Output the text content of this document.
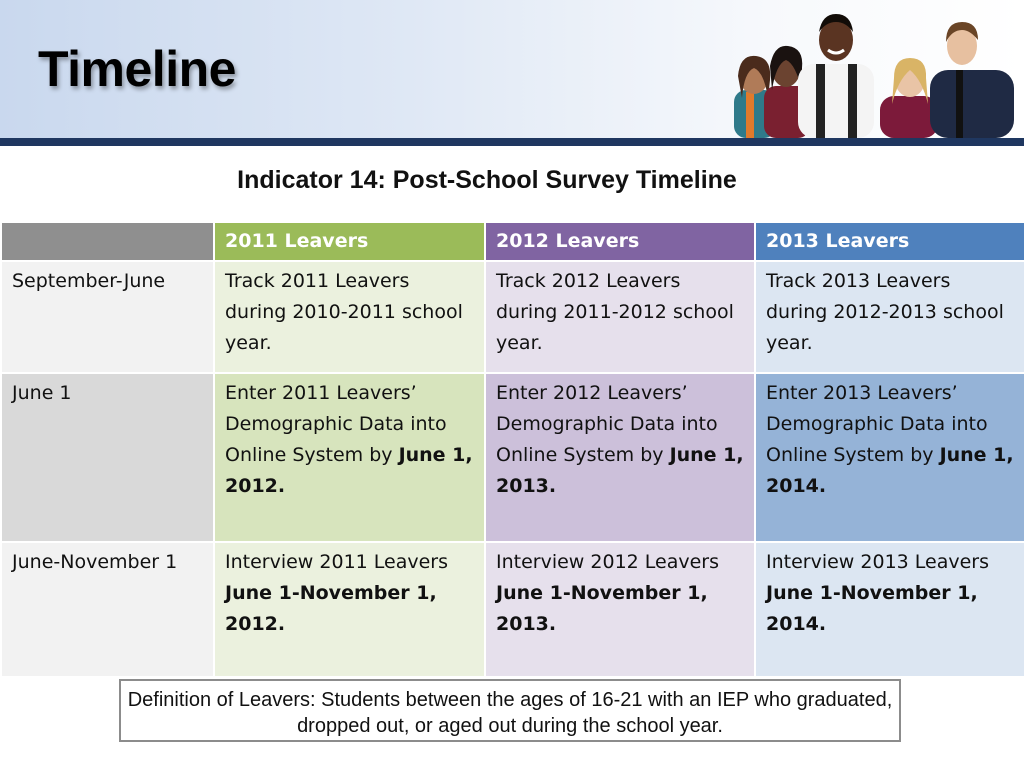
Timeline
Indicator 14: Post-School Survey Timeline
	2011 Leavers	2012 Leavers	2013 Leavers
September-June	Track 2011 Leavers during 2010-2011 school year.	Track 2012 Leavers during 2011-2012 school year.	Track 2013 Leavers during 2012-2013 school year.
June 1	Enter 2011 Leavers’ Demographic Data into Online System by June 1, 2012.	Enter 2012 Leavers’ Demographic Data into Online System by June 1, 2013.	Enter 2013 Leavers’ Demographic Data into Online System by June 1, 2014.
June-November 1	Interview 2011 Leavers June 1-November 1, 2012.	Interview 2012 Leavers June 1-November 1, 2013.	Interview 2013 Leavers June 1-November 1, 2014.
Definition of Leavers: Students between the ages of 16-21 with an IEP who graduated, dropped out, or aged out during the school year.
